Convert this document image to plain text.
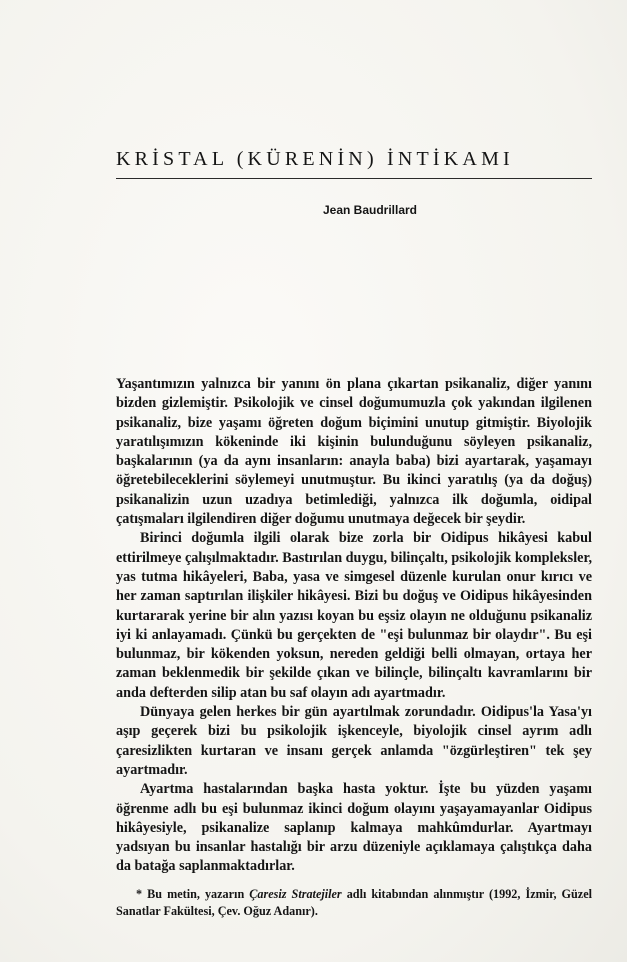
KRİSTAL (KÜRENİN) İNTİKAMI
Jean Baudrillard

Yaşantımızın yalnızca bir yanını ön plana çıkartan psikanaliz, diğer yanını bizden gizlemiştir. Psikolojik ve cinsel doğumumuzla çok yakından ilgilenen psikanaliz, bize yaşamı öğreten doğum biçimini unutup gitmiştir. Biyolojik yaratılışımızın kökeninde iki kişinin bulunduğunu söyleyen psikanaliz, başkalarının (ya da aynı insanların: anayla baba) bizi ayartarak, yaşamayı öğretebileceklerini söylemeyi unutmuştur. Bu ikinci yaratılış (ya da doğuş) psikanalizin uzun uzadıya betimlediği, yalnızca ilk doğumla, oidipal çatışmaları ilgilendiren diğer doğumu unutmaya değecek bir şeydir.

Birinci doğumla ilgili olarak bize zorla bir Oidipus hikâyesi kabul ettirilmeye çalışılmaktadır. Bastırılan duygu, bilinçaltı, psikolojik kompleksler, yas tutma hikâyeleri, Baba, yasa ve simgesel düzenle kurulan onur kırıcı ve her zaman saptırılan ilişkiler hikâyesi. Bizi bu doğuş ve Oidipus hikâyesinden kurtararak yerine bir alın yazısı koyan bu eşsiz olayın ne olduğunu psikanaliz iyi ki anlayamadı. Çünkü bu gerçekten de "eşi bulunmaz bir olaydır". Bu eşi bulunmaz, bir kökenden yoksun, nereden geldiği belli olmayan, ortaya her zaman beklenmedik bir şekilde çıkan ve bilinçle, bilinçaltı kavramlarını bir anda defterden silip atan bu saf olayın adı ayartmadır.

Dünyaya gelen herkes bir gün ayartılmak zorundadır. Oidipus'la Yasa'yı aşıp geçerek bizi bu psikolojik işkenceyle, biyolojik cinsel ayrım adlı çaresizlikten kurtaran ve insanı gerçek anlamda "özgürleştiren" tek şey ayartmadır.

Ayartma hastalarından başka hasta yoktur. İşte bu yüzden yaşamı öğrenme adlı bu eşi bulunmaz ikinci doğum olayını yaşayamayanlar Oidipus hikâyesiyle, psikanalize saplanıp kalmaya mahkûmdurlar. Ayartmayı yadsıyan bu insanlar hastalığı bir arzu düzeniyle açıklamaya çalıştıkça daha da batağa saplanmaktadırlar.

* Bu metin, yazarın Çaresiz Stratejiler adlı kitabından alınmıştır (1992, İzmir, Güzel Sanatlar Fakültesi, Çev. Oğuz Adanır).
